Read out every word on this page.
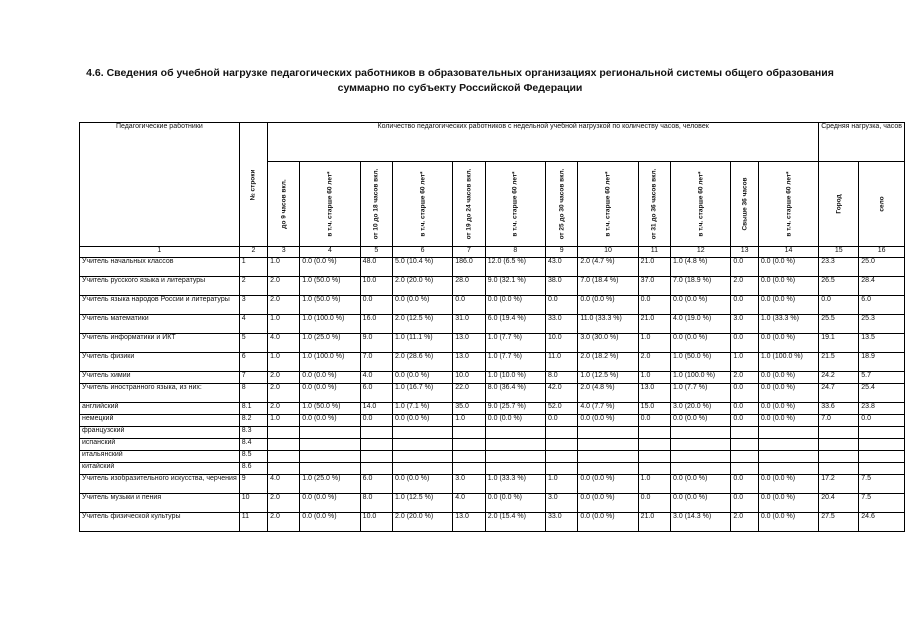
4.6. Сведения об учебной нагрузке педагогических работников в образовательных организациях региональной системы общего образования
суммарно по субъекту Российской Федерации
Педагогические работники	№ строки	Количество педагогических работников с недельной учебной нагрузкой по количеству часов, человек												Средняя нагрузка, часов	

		до 9 часов вкл.	в т.ч. старше 60 лет*	от 10 до 18 часов вкл.	в т.ч. старше 60 лет*	от 19 до 24 часов вкл.	в т.ч. старше 60 лет*	от 25 до 30 часов вкл.	в т.ч. старше 60 лет*	от 31 до 36 часов вкл.	в т.ч. старше 60 лет*	Свыше 36 часов	в т.ч. старше 60 лет*	Город	село

1	2	3	4	5	6	7	8	9	10	11	12	13	14	15	16
Учитель начальных классов	1	1.0	0.0 (0.0 %)	48.0	5.0 (10.4 %)	186.0	12.0 (6.5 %)	43.0	2.0 (4.7 %)	21.0	1.0 (4.8 %)	0.0	0.0 (0.0 %)	23.3	25.0
Учитель русского языка и литературы	2	2.0	1.0 (50.0 %)	10.0	2.0 (20.0 %)	28.0	9.0 (32.1 %)	38.0	7.0 (18.4 %)	37.0	7.0 (18.9 %)	2.0	0.0 (0.0 %)	26.5	28.4
Учитель языка народов России и литературы	3	2.0	1.0 (50.0 %)	0.0	0.0 (0.0 %)	0.0	0.0 (0.0 %)	0.0	0.0 (0.0 %)	0.0	0.0 (0.0 %)	0.0	0.0 (0.0 %)	0.0	6.0
Учитель математики	4	1.0	1.0 (100.0 %)	16.0	2.0 (12.5 %)	31.0	6.0 (19.4 %)	33.0	11.0 (33.3 %)	21.0	4.0 (19.0 %)	3.0	1.0 (33.3 %)	25.5	25.3
Учитель информатики и ИКТ	5	4.0	1.0 (25.0 %)	9.0	1.0 (11.1 %)	13.0	1.0 (7.7 %)	10.0	3.0 (30.0 %)	1.0	0.0 (0.0 %)	0.0	0.0 (0.0 %)	19.1	13.5
Учитель физики	6	1.0	1.0 (100.0 %)	7.0	2.0 (28.6 %)	13.0	1.0 (7.7 %)	11.0	2.0 (18.2 %)	2.0	1.0 (50.0 %)	1.0	1.0 (100.0 %)	21.5	18.9
Учитель химии	7	2.0	0.0 (0.0 %)	4.0	0.0 (0.0 %)	10.0	1.0 (10.0 %)	8.0	1.0 (12.5 %)	1.0	1.0 (100.0 %)	2.0	0.0 (0.0 %)	24.2	5.7
Учитель иностранного языка, из них:	8	2.0	0.0 (0.0 %)	6.0	1.0 (16.7 %)	22.0	8.0 (36.4 %)	42.0	2.0 (4.8 %)	13.0	1.0 (7.7 %)	0.0	0.0 (0.0 %)	24.7	25.4
английский	8.1	2.0	1.0 (50.0 %)	14.0	1.0 (7.1 %)	35.0	9.0 (25.7 %)	52.0	4.0 (7.7 %)	15.0	3.0 (20.0 %)	0.0	0.0 (0.0 %)	33.6	23.8
немецкий	8.2	1.0	0.0 (0.0 %)	0.0	0.0 (0.0 %)	1.0	0.0 (0.0 %)	0.0	0.0 (0.0 %)	0.0	0.0 (0.0 %)	0.0	0.0 (0.0 %)	7.0	0.0
французский	8.3														
испанский	8.4														
итальянский	8.5														
китайский	8.6														
Учитель изобразительного искусства, черчения	9	4.0	1.0 (25.0 %)	6.0	0.0 (0.0 %)	3.0	1.0 (33.3 %)	1.0	0.0 (0.0 %)	1.0	0.0 (0.0 %)	0.0	0.0 (0.0 %)	17.2	7.5
Учитель музыки и пения	10	2.0	0.0 (0.0 %)	8.0	1.0 (12.5 %)	4.0	0.0 (0.0 %)	3.0	0.0 (0.0 %)	0.0	0.0 (0.0 %)	0.0	0.0 (0.0 %)	20.4	7.5
Учитель физической культуры	11	2.0	0.0 (0.0 %)	10.0	2.0 (20.0 %)	13.0	2.0 (15.4 %)	33.0	0.0 (0.0 %)	21.0	3.0 (14.3 %)	2.0	0.0 (0.0 %)	27.5	24.6
